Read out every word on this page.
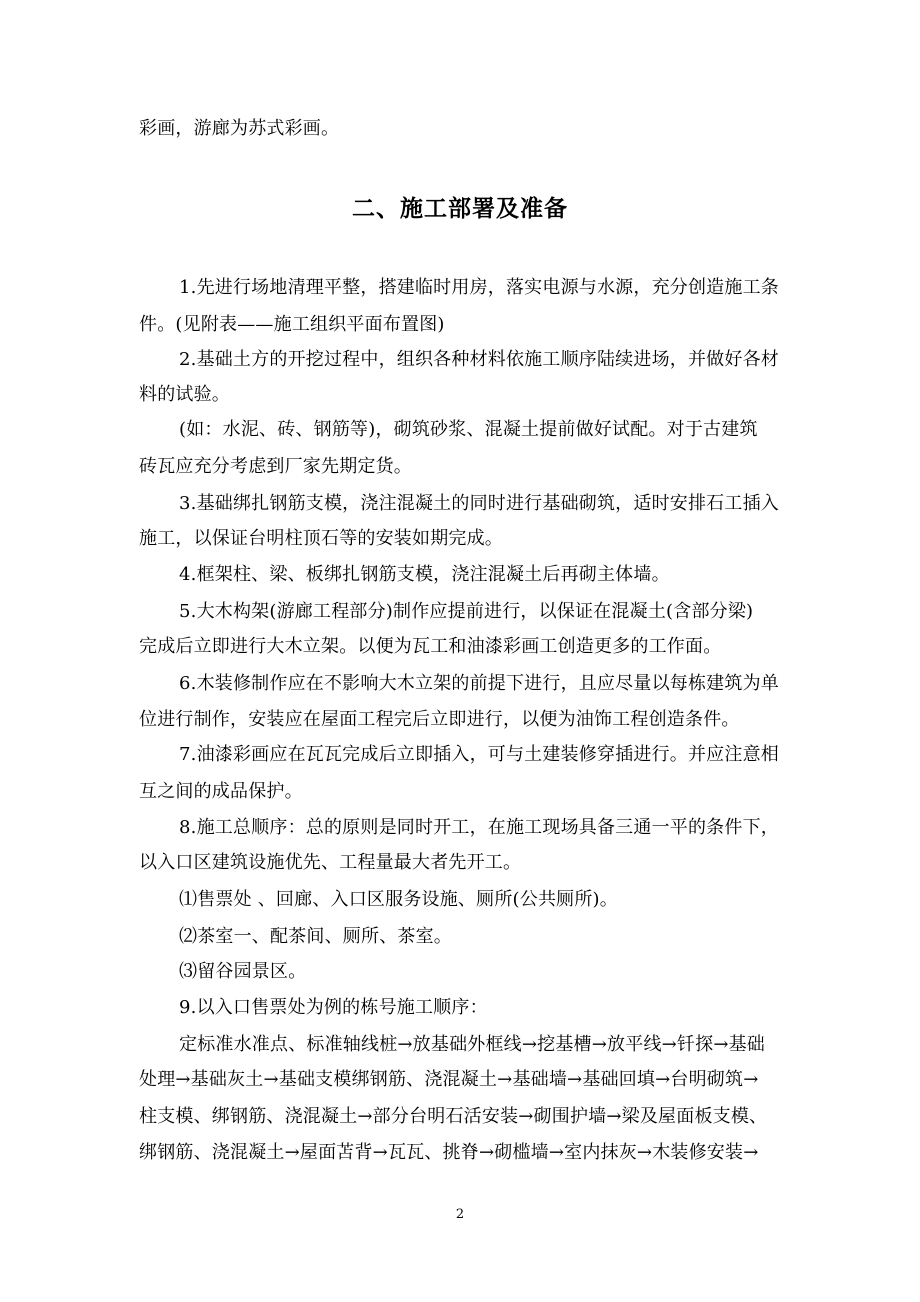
彩画，游廊为苏式彩画。
二、施工部署及准备
1.先进行场地清理平整，搭建临时用房，落实电源与水源，充分创造施工条
件。(见附表——施工组织平面布置图)
2.基础土方的开挖过程中，组织各种材料依施工顺序陆续进场，并做好各材
料的试验。
(如：水泥、砖、钢筋等)，砌筑砂浆、混凝土提前做好试配。对于古建筑
砖瓦应充分考虑到厂家先期定货。
3.基础绑扎钢筋支模，浇注混凝土的同时进行基础砌筑，适时安排石工插入
施工，以保证台明柱顶石等的安装如期完成。
4.框架柱、梁、板绑扎钢筋支模，浇注混凝土后再砌主体墙。
5.大木构架(游廊工程部分)制作应提前进行，以保证在混凝土(含部分梁)
完成后立即进行大木立架。以便为瓦工和油漆彩画工创造更多的工作面。
6.木装修制作应在不影响大木立架的前提下进行，且应尽量以每栋建筑为单
位进行制作，安装应在屋面工程完后立即进行，以便为油饰工程创造条件。
7.油漆彩画应在瓦瓦完成后立即插入，可与土建装修穿插进行。并应注意相
互之间的成品保护。
8.施工总顺序：总的原则是同时开工，在施工现场具备三通一平的条件下，
以入口区建筑设施优先、工程量最大者先开工。
⑴售票处 、回廊、入口区服务设施、厕所(公共厕所)。
⑵茶室一、配茶间、厕所、茶室。
⑶留谷园景区。
9.以入口售票处为例的栋号施工顺序：
定标准水准点、标准轴线桩→放基础外框线→挖基槽→放平线→钎探→基础
处理→基础灰土→基础支模绑钢筋、浇混凝土→基础墙→基础回填→台明砌筑→
柱支模、绑钢筋、浇混凝土→部分台明石活安装→砌围护墙→梁及屋面板支模、
绑钢筋、浇混凝土→屋面苫背→瓦瓦、挑脊→砌槛墙→室内抹灰→木装修安装→
2
